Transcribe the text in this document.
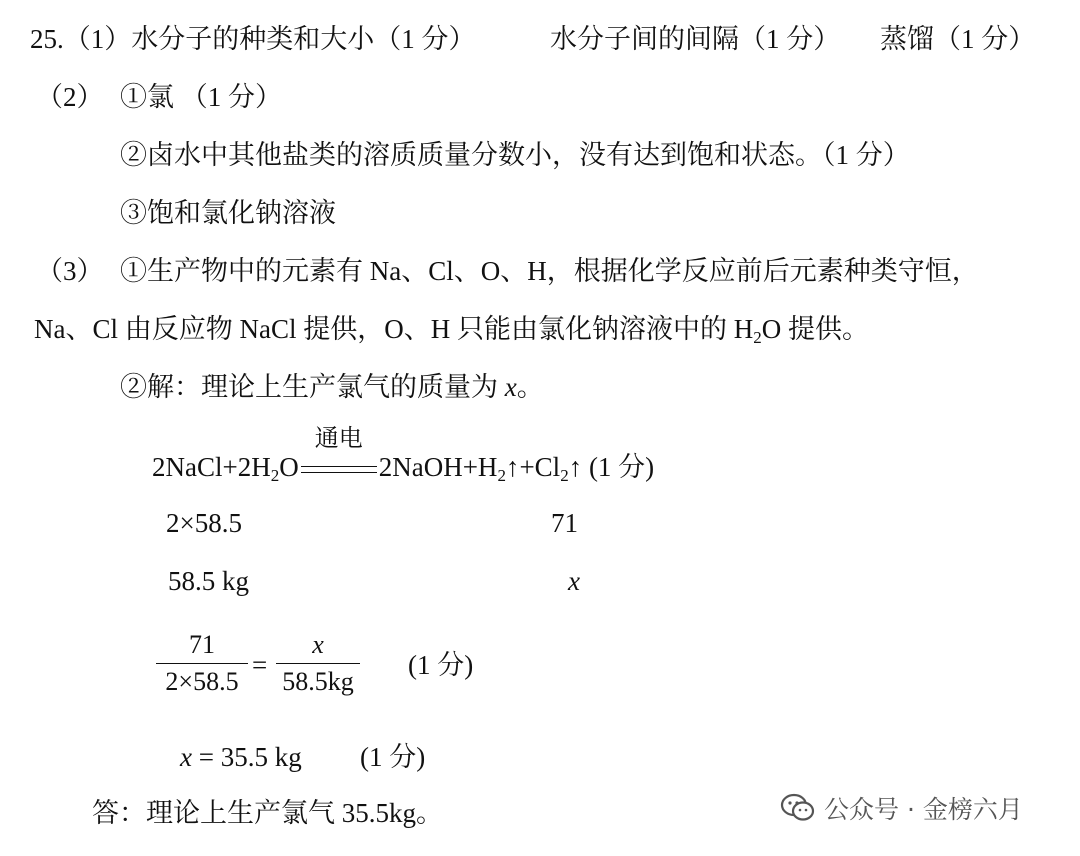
25.（1）水分子的种类和大小（1 分）	水分子间的间隔（1 分） 蒸馏（1 分）
（2） ①氯 （1 分）
②卤水中其他盐类的溶质质量分数小，没有达到饱和状态。（1 分）
③饱和氯化钠溶液
（3） ①生产物中的元素有 Na、Cl、O、H，根据化学反应前后元素种类守恒，
Na、Cl 由反应物 NaCl 提供，O、H 只能由氯化钠溶液中的 $H_2O$ 提供。
②解：理论上生产氯气的质量为 x。
$2NaCl+2H_2O$
通电
$2NaOH+H_2↑+Cl_2↑$ (1 分)
2×58.5	71
58.5 kg	x
71
2×58.5
=
x
58.5kg
(1 分)
x = 35.5 kg (1 分)
答：理论上生产氯气 35.5kg。	公众号 · 金榜六月
